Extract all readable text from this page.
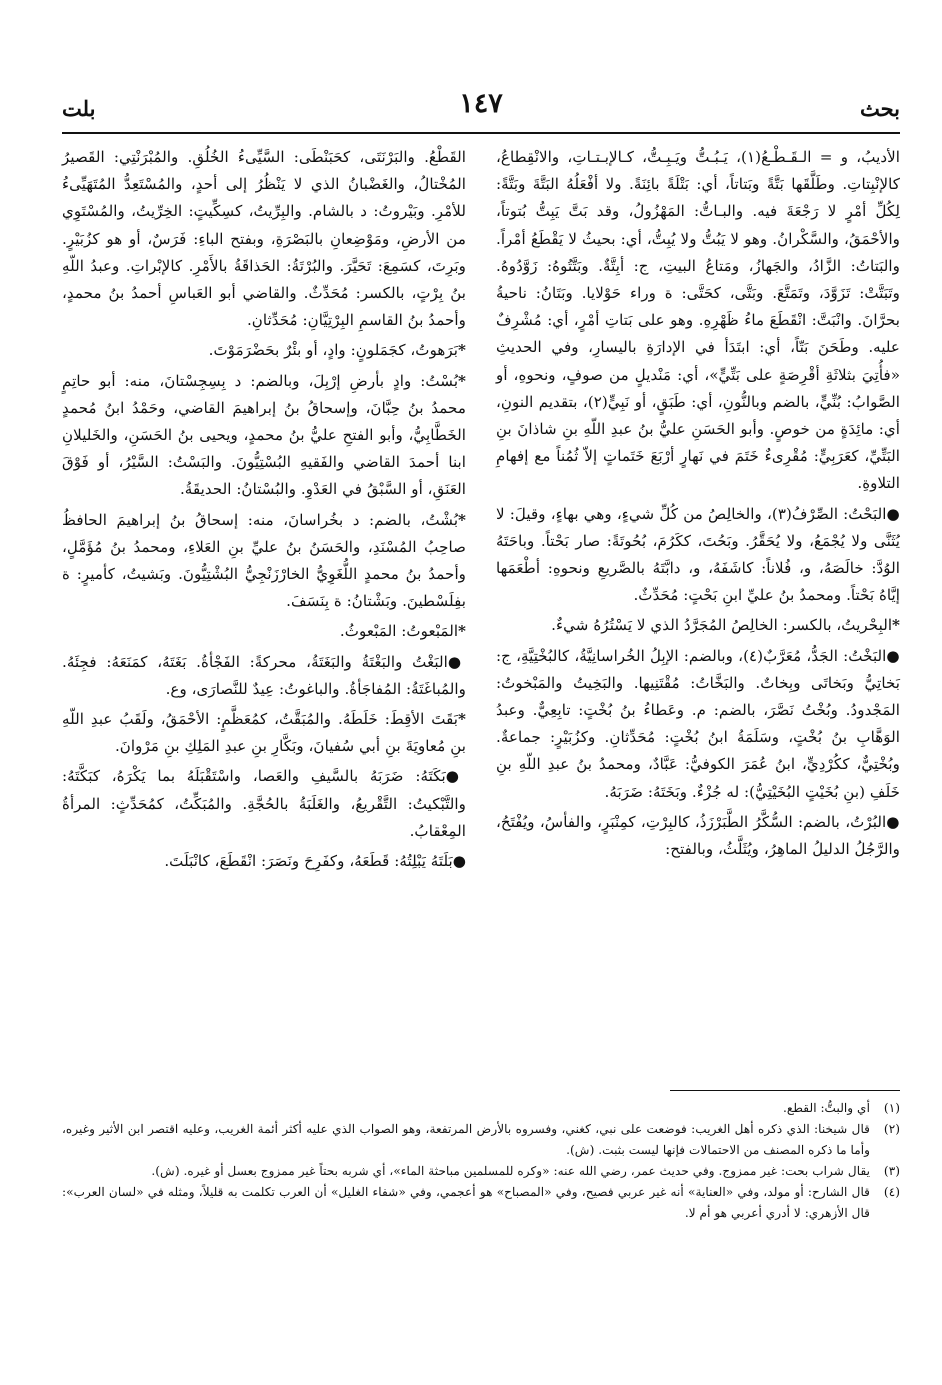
بحث
١٤٧
بلت

الأديبُ، و = الـقَـطْـعُ(١)، يَـبُـتُّ ويَـبِـتُّ، كـالإبـتـاتِ، والانْقِطاعُ، كالإنْبِتاتِ. وطَلَّقَها بَتَّةً وبَتاتاً، أي: بَتْلَةً بائِنَةً. ولا أفْعَلُهُ البَتَّةَ وبَتَّةً: لِكُلِّ أمْرٍ لا رَجْعَةَ فيه. والبـاتُّ: المَهْزُولُ، وقد بَتَّ يَبِتُّ بُتوتاً، والأحْمَقُ، والسَّكْرانُ. وهو لا يَبُتُّ ولا يُبِتُّ، أي: بحيثُ لا يَقْطَعُ أمْراً. والبَتاتُ: الزَّادُ، والجَهازُ، ومَتاعُ البيتِ، ج: أبِتَّةٌ. وبَتَّتُوهُ: زَوَّدُوهُ. وتَبَتَّتْ: تَزَوَّدَ، وتَمَتَّعَ. وبَتَّى، كحَتَّى: ة وراء حَوْلايا. وبَتَانُ: ناحيةُ بحرَّانَ. وانْبَتَّ: انْقَطَعَ ماءُ ظَهْرِهِ. وهو على بَتاتِ أمْرٍ، أي: مُشْرِفٌ عليه. وطَحَنَ بَتّاً، أي: ابتَدَأ في الإدارَةِ باليسارِ، وفي الحديثِ «فأُتِيَ بثلاثَةِ أقْرِصَةٍ على بَتِّيٍّ»، أي: مَنْديلٍ من صوفٍ، ونحوهِ، أو الصَّوابُ: بُنِّيٍّ، بالضم وبالنُّونِ، أي: طَبَقٍ، أو نَبِيٍّ(٢)، بتقديم النونِ، أي: مائِدَةٍ من خوصٍ. وأبو الحَسَنِ عليُّ بنُ عبدِ اللّهِ بنِ شاذانَ بنِ البَتِّيِّ، كعَرَبِيٍّ: مُقْرِىءٌ خَتَمَ في نَهارٍ أرْبَعَ خَتَماتٍ إلاّ ثُمُناً مع إفهامِ التلاوةِ.

●البَحْتُ: الصِّرْفُ(٣)، والخالِصُ من كُلِّ شيءٍ، وهي بهاءٍ، وقيلَ: لا يُثَنَّى ولا يُجْمَعُ، ولا يُحَقَّرُ. وبَحُتَ، ككَرُمَ، بُحُوتَةً: صار بَحْتاً. وباحَتَهُ الوُدَّ: خالَصَهُ، و، فُلاناً: كاشَفَهُ، و، دابَّتَهُ بالصَّريعِ ونحوهِ: أطْعَمَها إيَّاهُ بَحْتاً. ومحمدُ بنُ عليِّ ابنِ بَحْتٍ: مُحَدِّثٌ.

*البِحْريتُ، بالكسر: الخالِصُ المُجَرَّدُ الذي لا يَسْتُرُهُ شيءٌ.

●البَخْتُ: الجَدُّ، مُعَرَّبٌ(٤)، وبالضم: الإبِلُ الخُراسانِيَّةُ، كالبُخْتِيَّةِ، ج: بَخاتِيُّ وبَخاتَى وبِخاتٌ. والبَخَّاتُ: مُقْتَنِيها. والبَخِيتُ والمَبْخوتُ: المَجْدودُ. وبُخْتُ نَصَّرَ، بالضم: م. وعَطاءُ بنُ بُخْتٍ: تابِعِيٌّ. وعبدُ الوَهَّابِ بنُ بُخْتٍ، وسَلَمَةُ ابنُ بُخْتٍ: مُحَدِّثانِ. وكزُبَيْرٍ: جماعةٌ. وبُخْتِيٌّ، ككُرْدِيٍّ، ابنُ عُمَرَ الكوفيُّ: عَبَّادٌ، ومحمدُ بنُ عبدِ اللّهِ بنِ خَلَفِ (بنِ بُخَيْتٍ البُخَيْتِيُّ): له جُزْءٌ. وبَخَتَهُ: ضَرَبَهُ.

●البُرْتُ، بالضم: السُّكَّرُ الطَّبَرْزَذُ، كالبِرْتِ، كمِنْبَرٍ، والفأسُ، ويُفْتَحُ، والرَّجُلُ الدليلُ الماهِرُ، ويُثَلَّثُ، وبالفتح:

القَطْعُ. والبَرْنَتَى، كحَبَنْطَى: السَّيِّىءُ الخُلُقِ. والمُبْرَنْتِي: القَصيرُ المُخْتالُ، والغَضْبانُ الذي لا يَنْظُرُ إلى أحدٍ، والمُسْتَعِدُّ المُتَهَيِّىءُ للأمْرِ. وبَيْروتُ: د بالشام. والبِرِّيتُ، كسِكِّيتٍ: الخِرِّيتُ، والمُسْتَوِي من الأرضِ، ومَوْضِعانِ بالبَصْرَةِ، وبفتح الباءِ: فَرَسٌ، أو هو كزُبَيْرٍ. وبَرِتَ، كسَمِعَ: تَحَيَّرَ. والبُرْتَةُ: الحَذاقَةُ بالأَمْرِ. كالإبْراتِ. وعبدُ اللّهِ بنُ بِرْتٍ، بالكسر: مُحَدِّثٌ. والقاضي أبو العَباسِ أحمدُ بنُ محمدٍ، وأحمدُ بنُ القاسمِ البِرْتِيَّانِ: مُحَدِّثانِ.

*بَرَهوتُ، كجَمَلونٍ: وادٍ، أو بئْرٌ بحَضْرَمَوْتَ.

*بُسْتُ: وادٍ بأرضِ إرْبِلَ، وبالضم: د بِسِجِسْتانَ، منه: أبو حاتِمٍ محمدُ بنُ حِبَّانَ، وإسحاقُ بنُ إبراهيمَ القاضي، وحَمْدُ ابنُ مُحمدٍ الخَطَّابِيُّ، وأبو الفتحِ عليُّ بنُ محمدٍ، ويحيى بنُ الحَسَنِ، والخَليلانِ ابنا أحمدَ القاضي والفَقيهِ البُسْتِيُّونَ. والبَسْتُ: السَّيْرُ، أو فَوْقَ العَنَقِ، أو السَّبْقُ في العَدْوِ. والبُسْتانُ: الحديقَةُ.

*بُشْتُ، بالضم: د بخُراسانَ، منه: إسحاقُ بنُ إبراهيمَ الحافظُ صاحِبُ المُسْنَدِ، والحَسَنُ بنُ عليِّ بنِ العَلاءِ، ومحمدُ بنُ مُؤَمَّلٍ، وأحمدُ بنُ محمدٍ اللُّغَوِيُّ الخارْزَنْجِيُّ البُشْتِيُّونَ. وبَشيتُ، كأميرٍ: ة بفِلَسْطينَ. وبَشْتانُ: ة بِنَسَفَ.

*المَبْعوتُ: المَبْعوثُ.

●البَغْتُ والبَغْتَةُ والبَغَتَةُ، محركةً: الفَجْأةُ. بَغَتَهُ، كمَنَعَهُ: فجِئَهُ. والمُباغَتَةُ: المُفاجَأةُ. والباغوتُ: عِيدٌ للنَّصارَى، وع.

*بَقَتَ الأقِطَ: خَلَطَهُ. والمُبَقَّتُ، كمُعَظَّمٍ: الأحْمَقُ، ولَقَبُ عبدِ اللّهِ بنِ مُعاويَةَ بنِ أبي سُفيانَ، وبَكَّارِ بنِ عبدِ المَلِكِ بنِ مَرْوانَ.

●بَكَتَهُ: ضَرَبَهُ بالسَّيفِ والعَصا، واسْتَقْبَلَهُ بما يَكْرَهُ، كبَكَّتَهُ: والتَّبْكيتُ: التَّقْريعُ، والغَلَبَةُ بالحُجَّةِ. والمُبَكِّتُ، كمُحَدِّثٍ: المرأةُ المِعْقابُ.

●بَلَتَهُ يَبْلِتُهُ: قَطَعَهُ، وكفَرِحَ ونَصَرَ: انْقَطَعَ، كانْبَلَتَ.

(١)
أي والبتُّ: القطع.
(٢)
قال شيخنا: الذي ذكره أهل الغريب: فوضعت على نبي، كغني، وفسروه بالأرض المرتفعة، وهو الصواب الذي عليه أكثر أئمة الغريب، وعليه اقتصر ابن الأثير وغيره، وأما ما ذكره المصنف من الاحتمالات فإنها ليست بثبت. (ش).
(٣)
يقال شراب بحت: غير ممزوج. وفي حديث عمر، رضي الله عنه: «وكره للمسلمين مباحثة الماء»، أي شربه بحتاً غير ممزوج بعسل أو غيره. (ش).
(٤)
قال الشارح: أو مولد، وفي «العناية» أنه غير عربي فصيح، وفي «المصباح» هو أعجمي، وفي «شفاء الغليل» أن العرب تكلمت به قليلاً، ومثله في «لسان العرب»: قال الأزهري: لا أدري أعربي هو أم لا.
